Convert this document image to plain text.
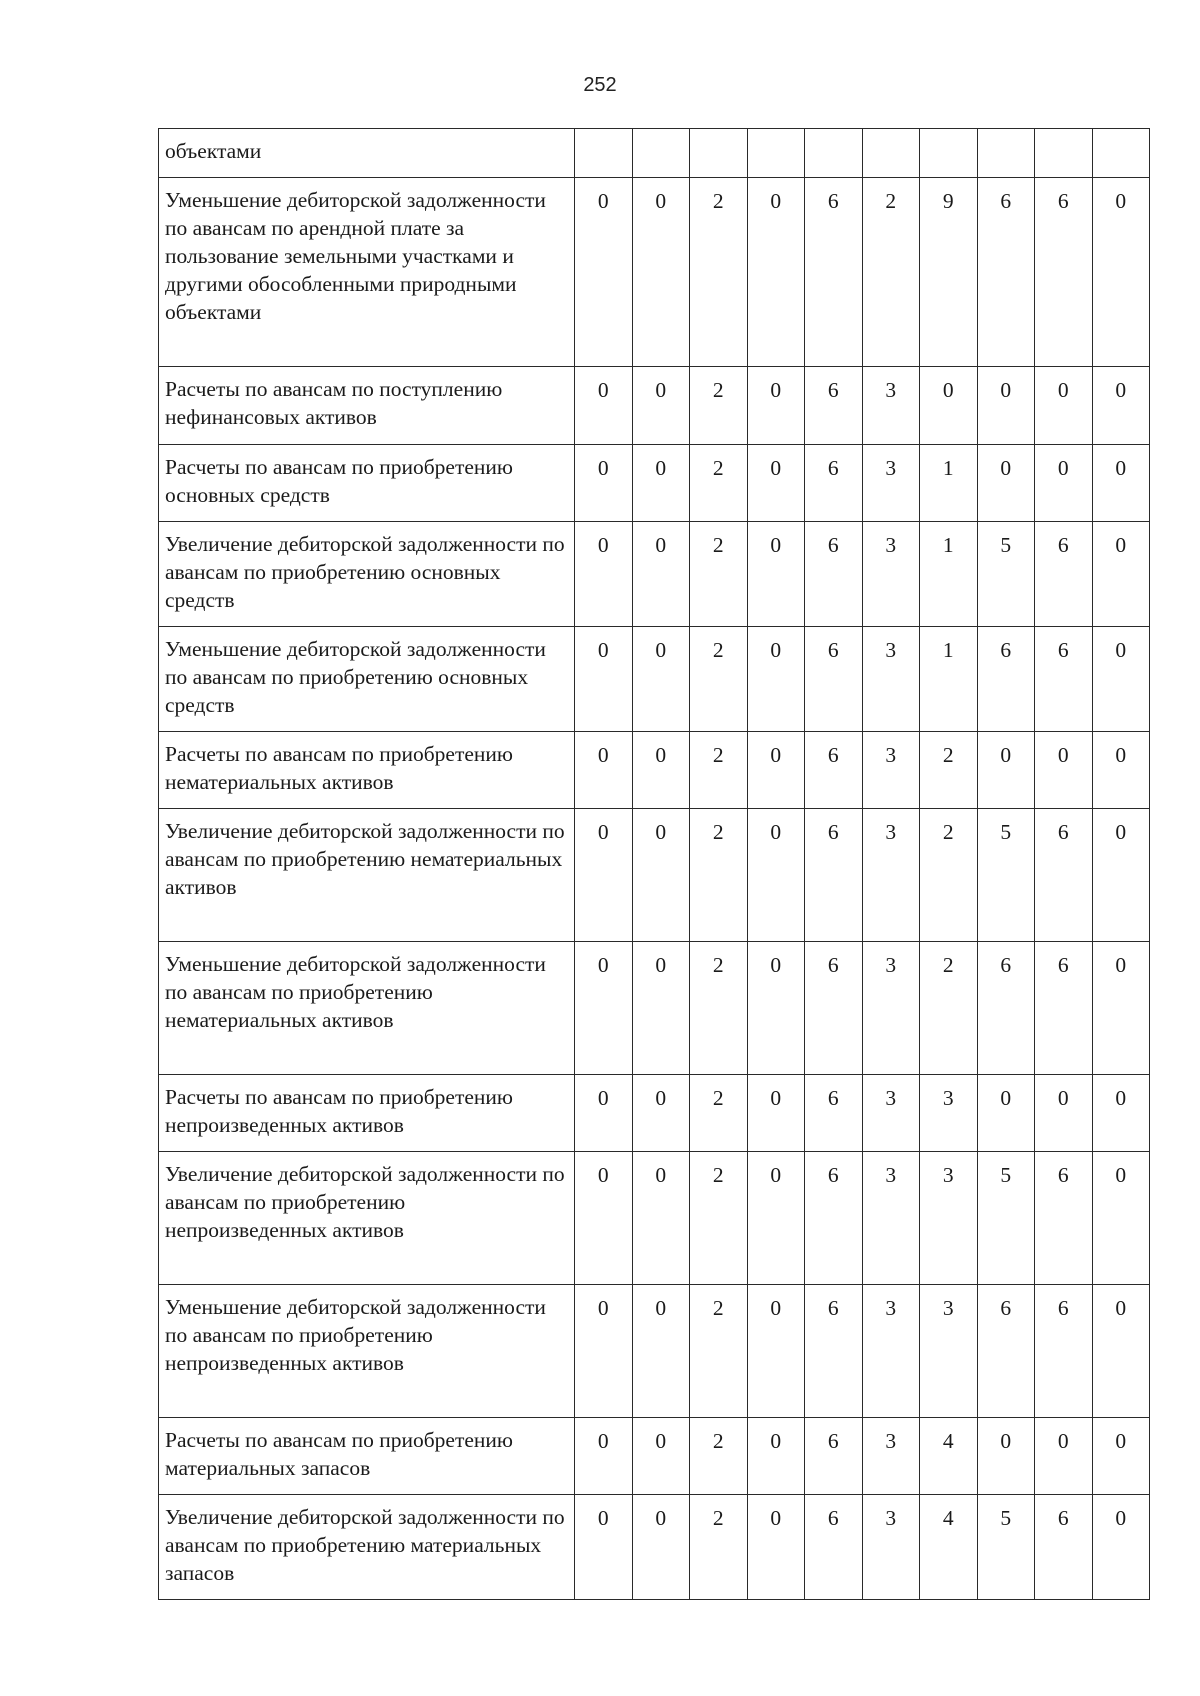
252
объектами										
Уменьшение дебиторской задолженности по авансам по арендной плате за пользование земельными участками и другими обособленными природными объектами	0	0	2	0	6	2	9	6	6	0
Расчеты по авансам по поступлению нефинансовых активов	0	0	2	0	6	3	0	0	0	0
Расчеты по авансам по приобретению основных средств	0	0	2	0	6	3	1	0	0	0
Увеличение дебиторской задолженности по авансам по приобретению основных средств	0	0	2	0	6	3	1	5	6	0
Уменьшение дебиторской задолженности по авансам по приобретению основных средств	0	0	2	0	6	3	1	6	6	0
Расчеты по авансам по приобретению нематериальных активов	0	0	2	0	6	3	2	0	0	0
Увеличение дебиторской задолженности по авансам по приобретению нематериальных активов	0	0	2	0	6	3	2	5	6	0
Уменьшение дебиторской задолженности по авансам по приобретению нематериальных активов	0	0	2	0	6	3	2	6	6	0
Расчеты по авансам по приобретению непроизведенных активов	0	0	2	0	6	3	3	0	0	0
Увеличение дебиторской задолженности по авансам по приобретению непроизведенных активов	0	0	2	0	6	3	3	5	6	0
Уменьшение дебиторской задолженности по авансам по приобретению непроизведенных активов	0	0	2	0	6	3	3	6	6	0
Расчеты по авансам по приобретению материальных запасов	0	0	2	0	6	3	4	0	0	0
Увеличение дебиторской задолженности по авансам по приобретению материальных запасов	0	0	2	0	6	3	4	5	6	0
